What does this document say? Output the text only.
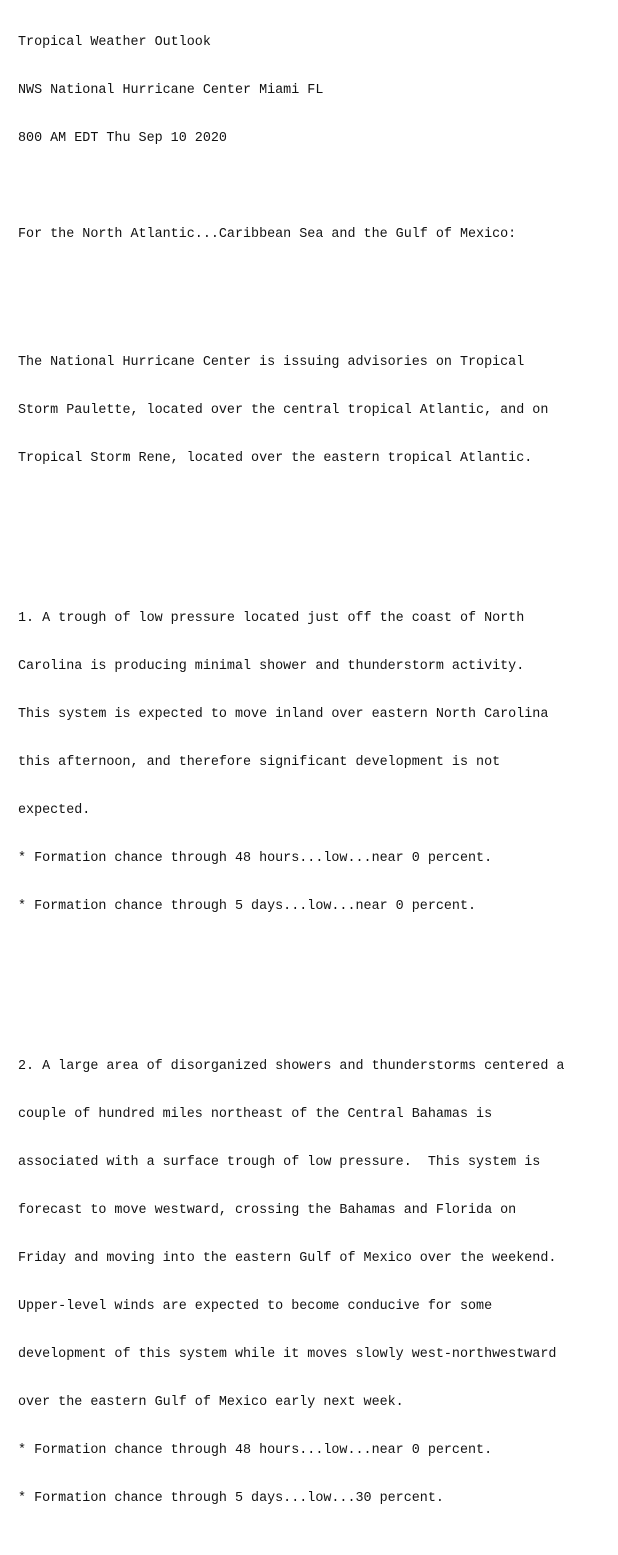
Tropical Weather Outlook

NWS National Hurricane Center Miami FL

800 AM EDT Thu Sep 10 2020

For the North Atlantic...Caribbean Sea and the Gulf of Mexico:

The National Hurricane Center is issuing advisories on Tropical

Storm Paulette, located over the central tropical Atlantic, and on

Tropical Storm Rene, located over the eastern tropical Atlantic.

1. A trough of low pressure located just off the coast of North

Carolina is producing minimal shower and thunderstorm activity.

This system is expected to move inland over eastern North Carolina

this afternoon, and therefore significant development is not

expected.

* Formation chance through 48 hours...low...near 0 percent.

* Formation chance through 5 days...low...near 0 percent.

2. A large area of disorganized showers and thunderstorms centered a

couple of hundred miles northeast of the Central Bahamas is

associated with a surface trough of low pressure.  This system is

forecast to move westward, crossing the Bahamas and Florida on

Friday and moving into the eastern Gulf of Mexico over the weekend.

Upper-level winds are expected to become conducive for some

development of this system while it moves slowly west-northwestward

over the eastern Gulf of Mexico early next week.

* Formation chance through 48 hours...low...near 0 percent.

* Formation chance through 5 days...low...30 percent.
